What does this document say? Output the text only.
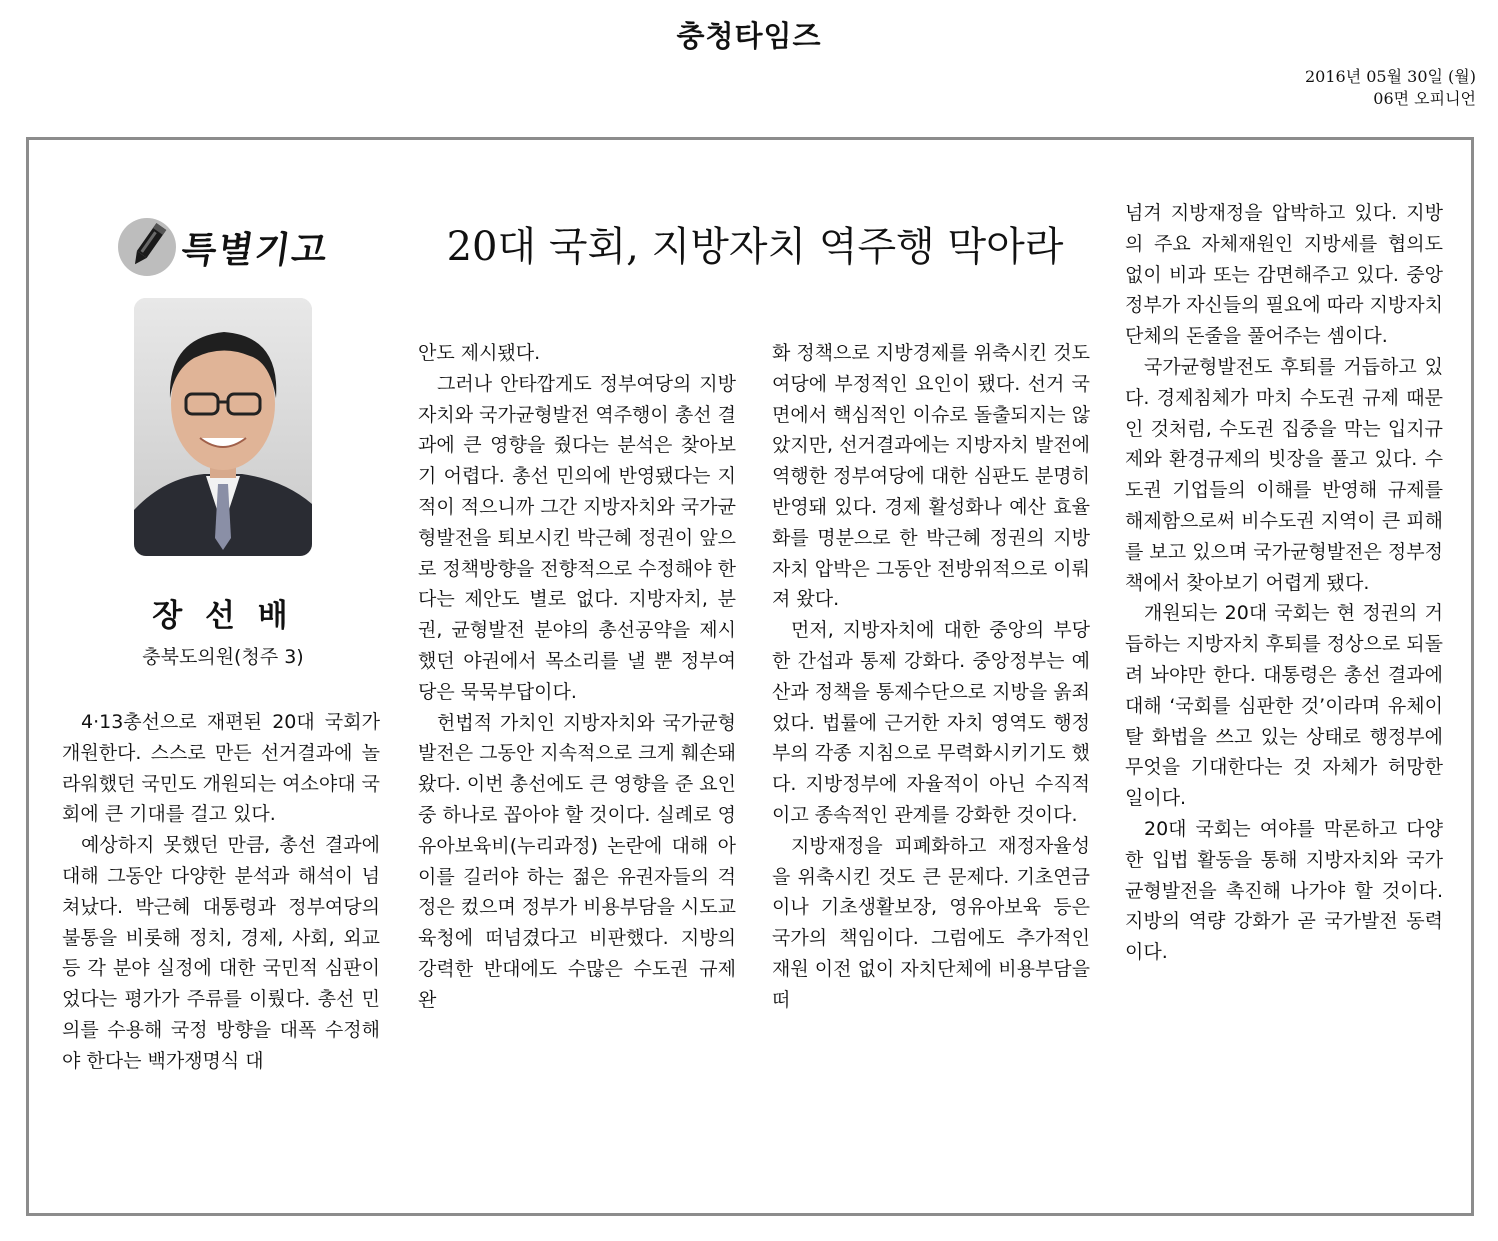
충청타임즈
2016년 05월 30일 (월)
06면 오피니언
특별기고
장 선 배
충북도의원(청주 3)
20대 국회, 지방자치 역주행 막아라

4·13총선으로 재편된 20대 국회가 개원한다. 스스로 만든 선거결과에 놀라워했던 국민도 개원되는 여소야대 국회에 큰 기대를 걸고 있다.

예상하지 못했던 만큼, 총선 결과에 대해 그동안 다양한 분석과 해석이 넘쳐났다. 박근혜 대통령과 정부여당의 불통을 비롯해 정치, 경제, 사회, 외교 등 각 분야 실정에 대한 국민적 심판이었다는 평가가 주류를 이뤘다. 총선 민의를 수용해 국정 방향을 대폭 수정해야 한다는 백가쟁명식 대

안도 제시됐다.

그러나 안타깝게도 정부여당의 지방자치와 국가균형발전 역주행이 총선 결과에 큰 영향을 줬다는 분석은 찾아보기 어렵다. 총선 민의에 반영됐다는 지적이 적으니까 그간 지방자치와 국가균형발전을 퇴보시킨 박근혜 정권이 앞으로 정책방향을 전향적으로 수정해야 한다는 제안도 별로 없다. 지방자치, 분권, 균형발전 분야의 총선공약을 제시했던 야권에서 목소리를 낼 뿐 정부여당은 묵묵부답이다.

헌법적 가치인 지방자치와 국가균형발전은 그동안 지속적으로 크게 훼손돼 왔다. 이번 총선에도 큰 영향을 준 요인 중 하나로 꼽아야 할 것이다. 실례로 영유아보육비(누리과정) 논란에 대해 아이를 길러야 하는 젊은 유권자들의 걱정은 컸으며 정부가 비용부담을 시도교육청에 떠넘겼다고 비판했다. 지방의 강력한 반대에도 수많은 수도권 규제 완

화 정책으로 지방경제를 위축시킨 것도 여당에 부정적인 요인이 됐다. 선거 국면에서 핵심적인 이슈로 돌출되지는 않았지만, 선거결과에는 지방자치 발전에 역행한 정부여당에 대한 심판도 분명히 반영돼 있다. 경제 활성화나 예산 효율화를 명분으로 한 박근혜 정권의 지방자치 압박은 그동안 전방위적으로 이뤄져 왔다.

먼저, 지방자치에 대한 중앙의 부당한 간섭과 통제 강화다. 중앙정부는 예산과 정책을 통제수단으로 지방을 옭죄었다. 법률에 근거한 자치 영역도 행정부의 각종 지침으로 무력화시키기도 했다. 지방정부에 자율적이 아닌 수직적이고 종속적인 관계를 강화한 것이다.

지방재정을 피폐화하고 재정자율성을 위축시킨 것도 큰 문제다. 기초연금이나 기초생활보장, 영유아보육 등은 국가의 책임이다. 그럼에도 추가적인 재원 이전 없이 자치단체에 비용부담을 떠

넘겨 지방재정을 압박하고 있다. 지방의 주요 자체재원인 지방세를 협의도 없이 비과 또는 감면해주고 있다. 중앙정부가 자신들의 필요에 따라 지방자치단체의 돈줄을 풀어주는 셈이다.

국가균형발전도 후퇴를 거듭하고 있다. 경제침체가 마치 수도권 규제 때문인 것처럼, 수도권 집중을 막는 입지규제와 환경규제의 빗장을 풀고 있다. 수도권 기업들의 이해를 반영해 규제를 해제함으로써 비수도권 지역이 큰 피해를 보고 있으며 국가균형발전은 정부정책에서 찾아보기 어렵게 됐다.

개원되는 20대 국회는 현 정권의 거듭하는 지방자치 후퇴를 정상으로 되돌려 놔야만 한다. 대통령은 총선 결과에 대해 ‘국회를 심판한 것’이라며 유체이탈 화법을 쓰고 있는 상태로 행정부에 무엇을 기대한다는 것 자체가 허망한 일이다.

20대 국회는 여야를 막론하고 다양한 입법 활동을 통해 지방자치와 국가균형발전을 촉진해 나가야 할 것이다. 지방의 역량 강화가 곧 국가발전 동력이다.
